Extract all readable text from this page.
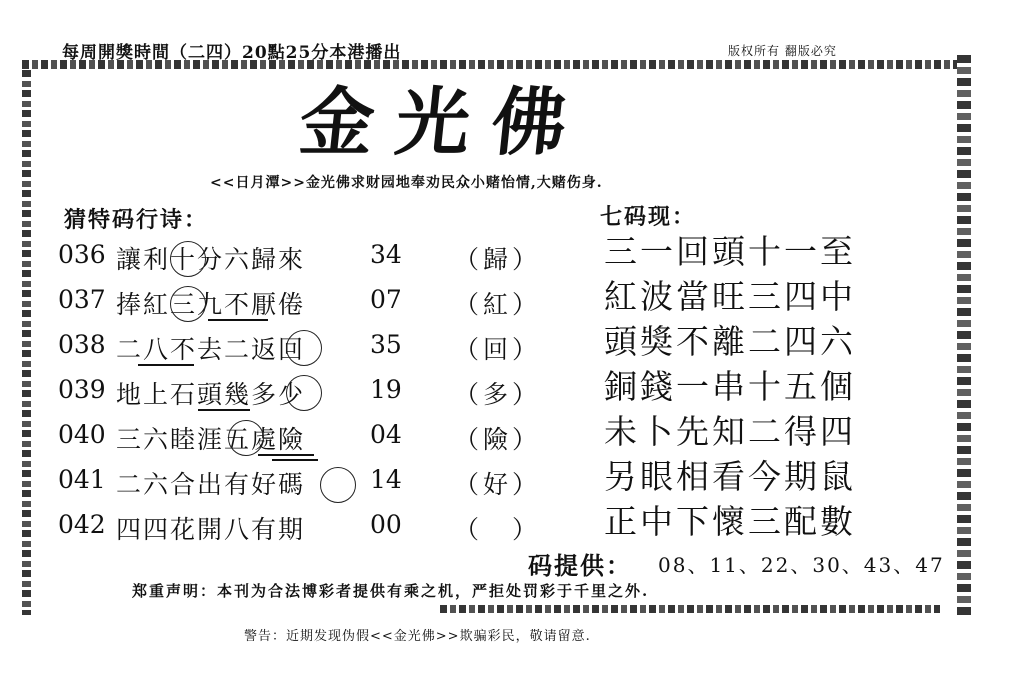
每周開獎時間（二四）20點25分本港播出	版权所有 翻版必究
金光佛
<<日月潭>>金光佛求财园地奉劝民众小赌怡情,大赌伤身.
猜特码行诗：	七码现：
036 讓利十分六歸來	34 （歸）
037 捧紅三九不厭倦	07 （紅）
038 二八不去二返回	35 （回）
039 地上石頭幾多少	19 （多）
040 三六睦涯五處險	04 （險）
041 二六合出有好碼	14 （好）
042 四四花開八有期	00 （　）
三一回頭十一至
紅波當旺三四中
頭獎不離二四六
銅錢一串十五個
未卜先知二得四
另眼相看今期鼠
正中下懷三配數
码提供： 08、11、22、30、43、47
郑重声明：本刊为合法博彩者提供有乘之机，严拒处罚彩于千里之外.
警告：近期发现伪假<<金光佛>>欺骗彩民，敬请留意.
